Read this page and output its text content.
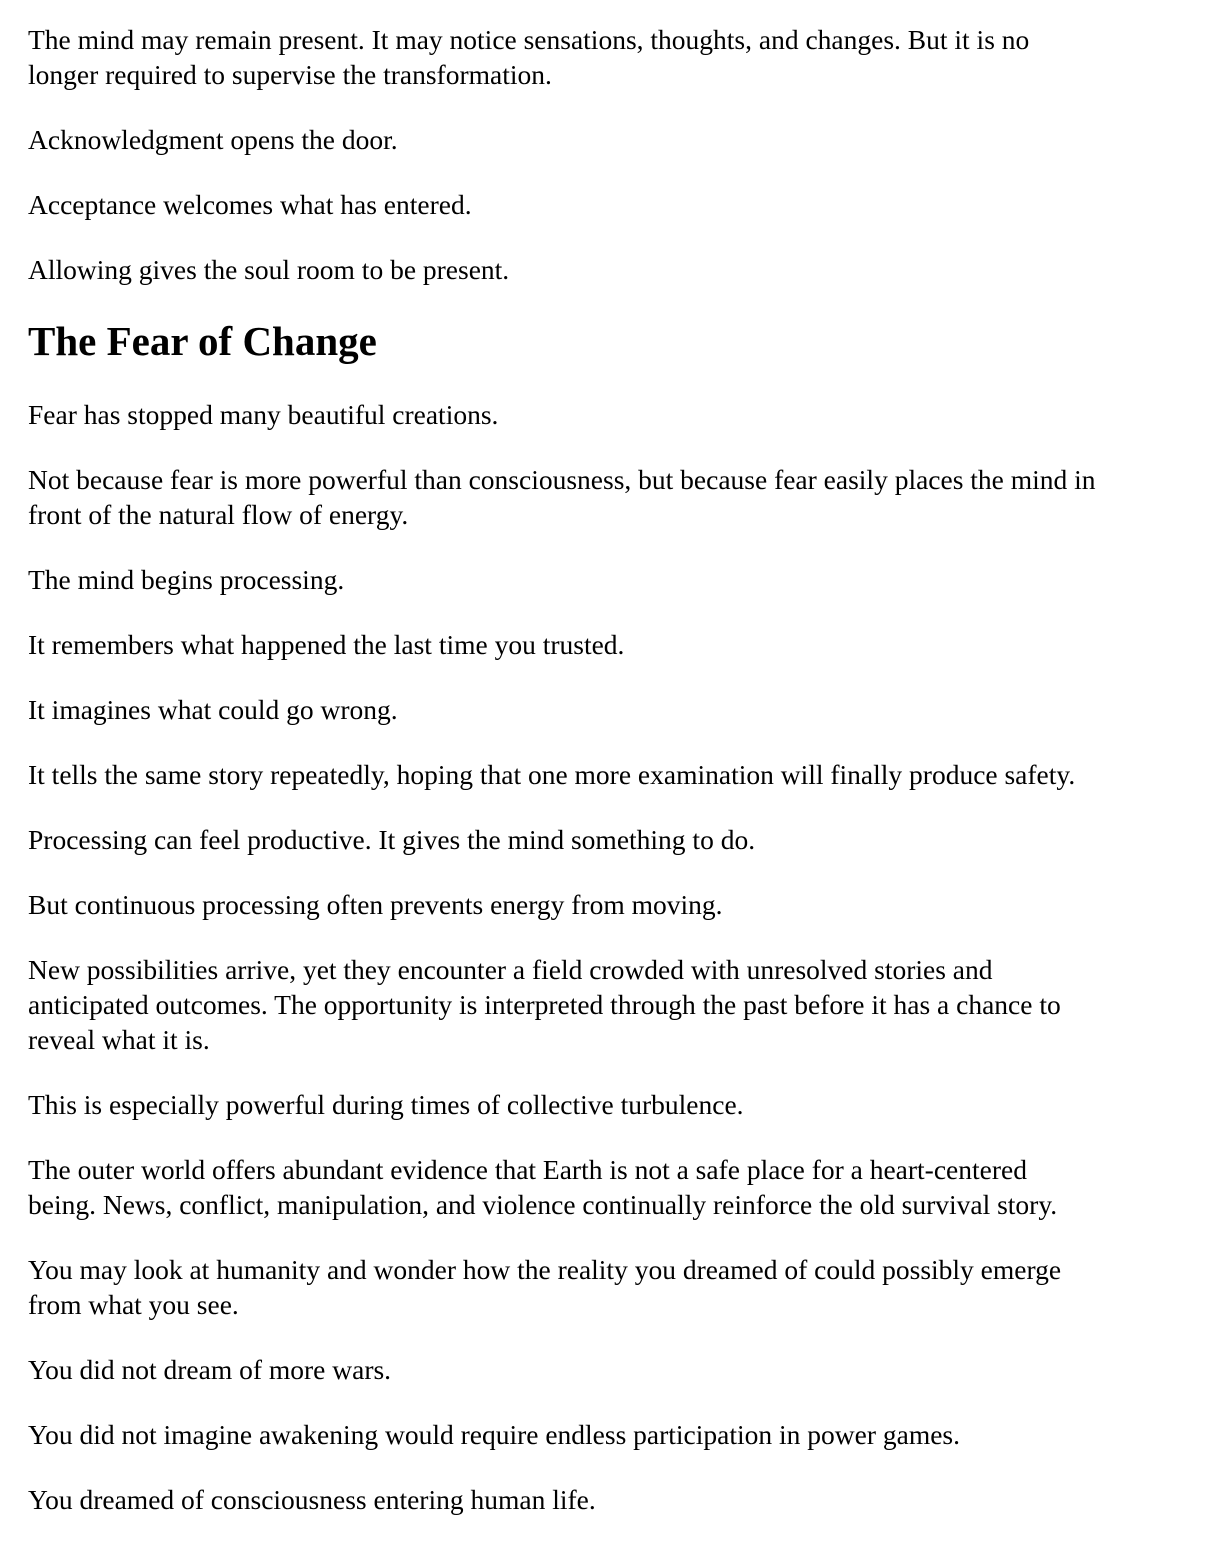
The mind may remain present. It may notice sensations, thoughts, and changes. But it is no
longer required to supervise the transformation.

Acknowledgment opens the door.

Acceptance welcomes what has entered.

Allowing gives the soul room to be present.

The Fear of Change

Fear has stopped many beautiful creations.

Not because fear is more powerful than consciousness, but because fear easily places the mind in
front of the natural flow of energy.

The mind begins processing.

It remembers what happened the last time you trusted.

It imagines what could go wrong.

It tells the same story repeatedly, hoping that one more examination will finally produce safety.

Processing can feel productive. It gives the mind something to do.

But continuous processing often prevents energy from moving.

New possibilities arrive, yet they encounter a field crowded with unresolved stories and
anticipated outcomes. The opportunity is interpreted through the past before it has a chance to
reveal what it is.

This is especially powerful during times of collective turbulence.

The outer world offers abundant evidence that Earth is not a safe place for a heart-centered
being. News, conflict, manipulation, and violence continually reinforce the old survival story.

You may look at humanity and wonder how the reality you dreamed of could possibly emerge
from what you see.

You did not dream of more wars.

You did not imagine awakening would require endless participation in power games.

You dreamed of consciousness entering human life.
